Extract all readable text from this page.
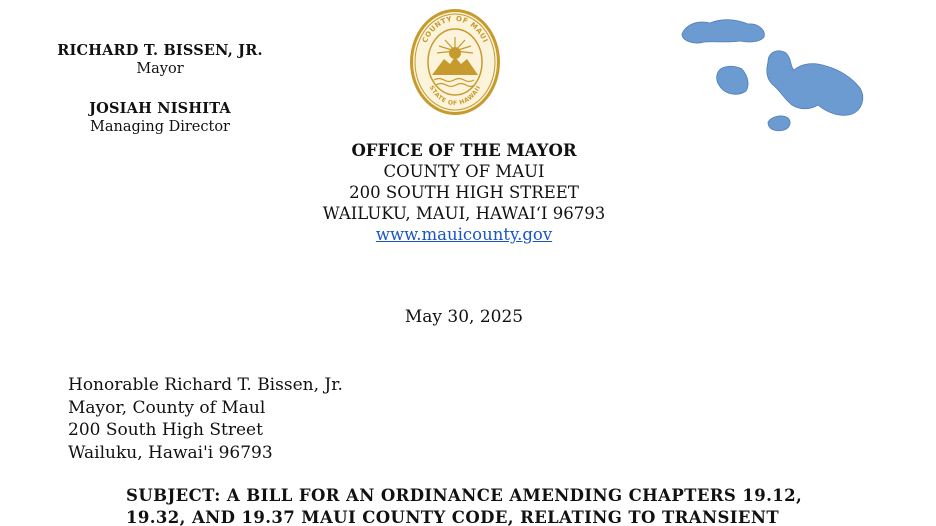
RICHARD T. BISSEN, JR.
Mayor
JOSIAH NISHITA
Managing Director
COUNTY OF MAUI
STATE OF HAWAII
OFFICE OF THE MAYOR
COUNTY OF MAUI
200 SOUTH HIGH STREET
WAILUKU, MAUI, HAWAIʻI 96793
www.mauicounty.gov
May 30, 2025
Honorable Richard T. Bissen, Jr.
Mayor, County of Maul
200 South High Street
Wailuku, Hawai'i 96793
SUBJECT: A BILL FOR AN ORDINANCE AMENDING CHAPTERS 19.12,
19.32, AND 19.37 MAUI COUNTY CODE, RELATING TO TRANSIENT
